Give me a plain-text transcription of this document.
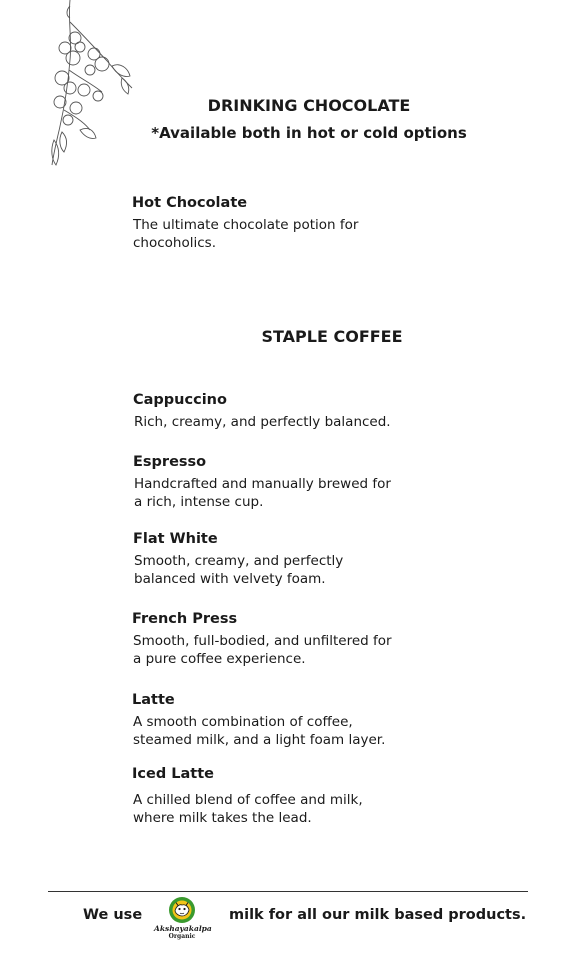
DRINKING CHOCOLATE

*Available both in hot or cold options

Hot Chocolate

The ultimate chocolate potion for chocoholics.

STAPLE COFFEE
Cappuccino

Rich, creamy, and perfectly balanced.

Espresso

Handcrafted and manually brewed for a rich, intense cup.

Flat White

Smooth, creamy, and perfectly balanced with velvety foam.

French Press

Smooth, full-bodied, and unfiltered for a pure coffee experience.

Latte

A smooth combination of coffee, steamed milk, and a light foam layer.

Iced Latte

A chilled blend of coffee and milk, where milk takes the lead.

We use

Akshayakalpa
Organic

milk for all our milk based products.
